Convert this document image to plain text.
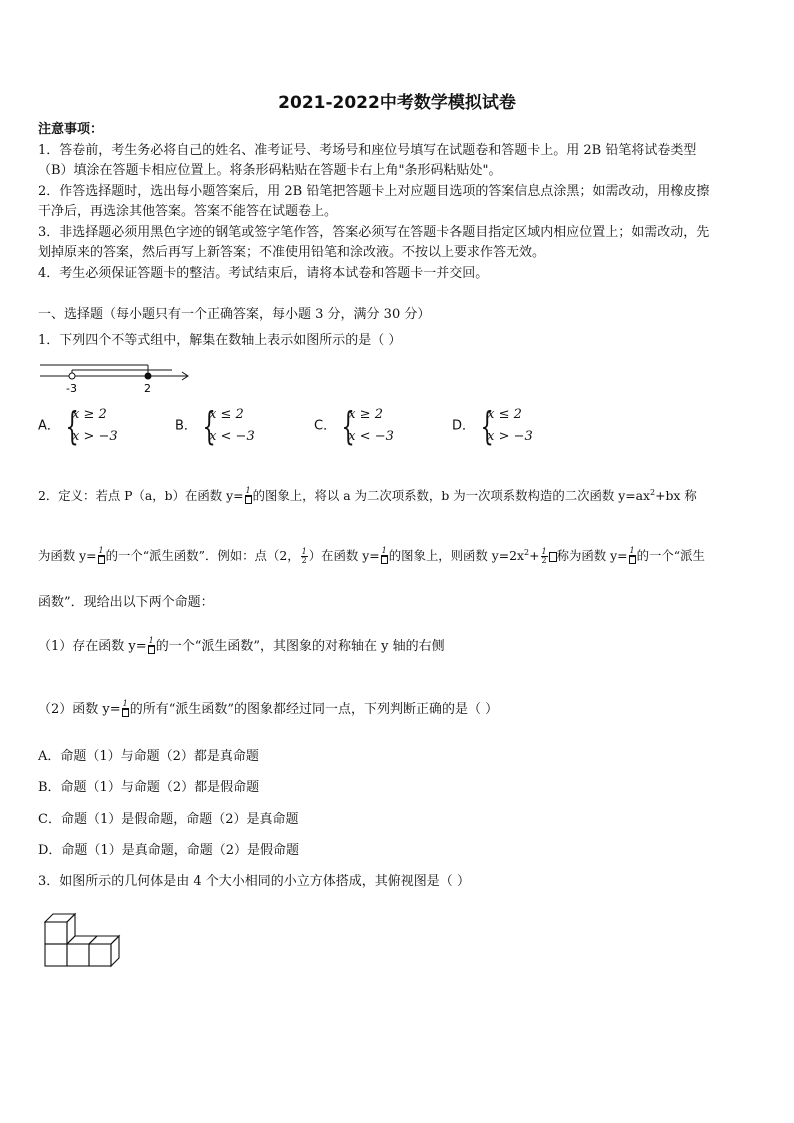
2021-2022中考数学模拟试卷
注意事项：
1．答卷前，考生务必将自己的姓名、准考证号、考场号和座位号填写在试题卷和答题卡上。用 2B 铅笔将试卷类型
（B）填涂在答题卡相应位置上。将条形码粘贴在答题卡右上角"条形码粘贴处"。
2．作答选择题时，选出每小题答案后，用 2B 铅笔把答题卡上对应题目选项的答案信息点涂黑；如需改动，用橡皮擦
干净后，再选涂其他答案。答案不能答在试题卷上。
3．非选择题必须用黑色字迹的钢笔或签字笔作答，答案必须写在答题卡各题目指定区域内相应位置上；如需改动，先
划掉原来的答案，然后再写上新答案；不准使用铅笔和涂改液。不按以上要求作答无效。
4．考生必须保证答题卡的整洁。考试结束后，请将本试卷和答题卡一并交回。
一、选择题（每小题只有一个正确答案，每小题 3 分，满分 30 分）
1．下列四个不等式组中，解集在数轴上表示如图所示的是（ ）
-3	2
A．
{ x ≥ 2
x > −3
B．
{ x ≤ 2
x < −3
C．
{ x ≥ 2
x < −3
D．
{ x ≤ 2
x > −3
2．定义：若点 P（a，b）在函数 y= 1 的图象上，将以 a 为二次项系数，b 为一次项系数构造的二次函数 $y=ax^2+bx$ 称
为函数 y= 1 的一个“派生函数”．例如：点（2， $\frac{1}{2}$ ）在函数 y= 1 的图象上，则函数 $y=2x^2+ \frac{1}{2}$ 称为函数 y= 1 的一个“派生
函数”．现给出以下两个命题：
（1）存在函数 y= 1 的一个“派生函数”，其图象的对称轴在 y 轴的右侧
（2）函数 y= 1 的所有“派生函数”的图象都经过同一点，下列判断正确的是（ ）
A．命题（1）与命题（2）都是真命题
B．命题（1）与命题（2）都是假命题
C．命题（1）是假命题，命题（2）是真命题
D．命题（1）是真命题，命题（2）是假命题
3．如图所示的几何体是由 4 个大小相同的小立方体搭成，其俯视图是（ ）
